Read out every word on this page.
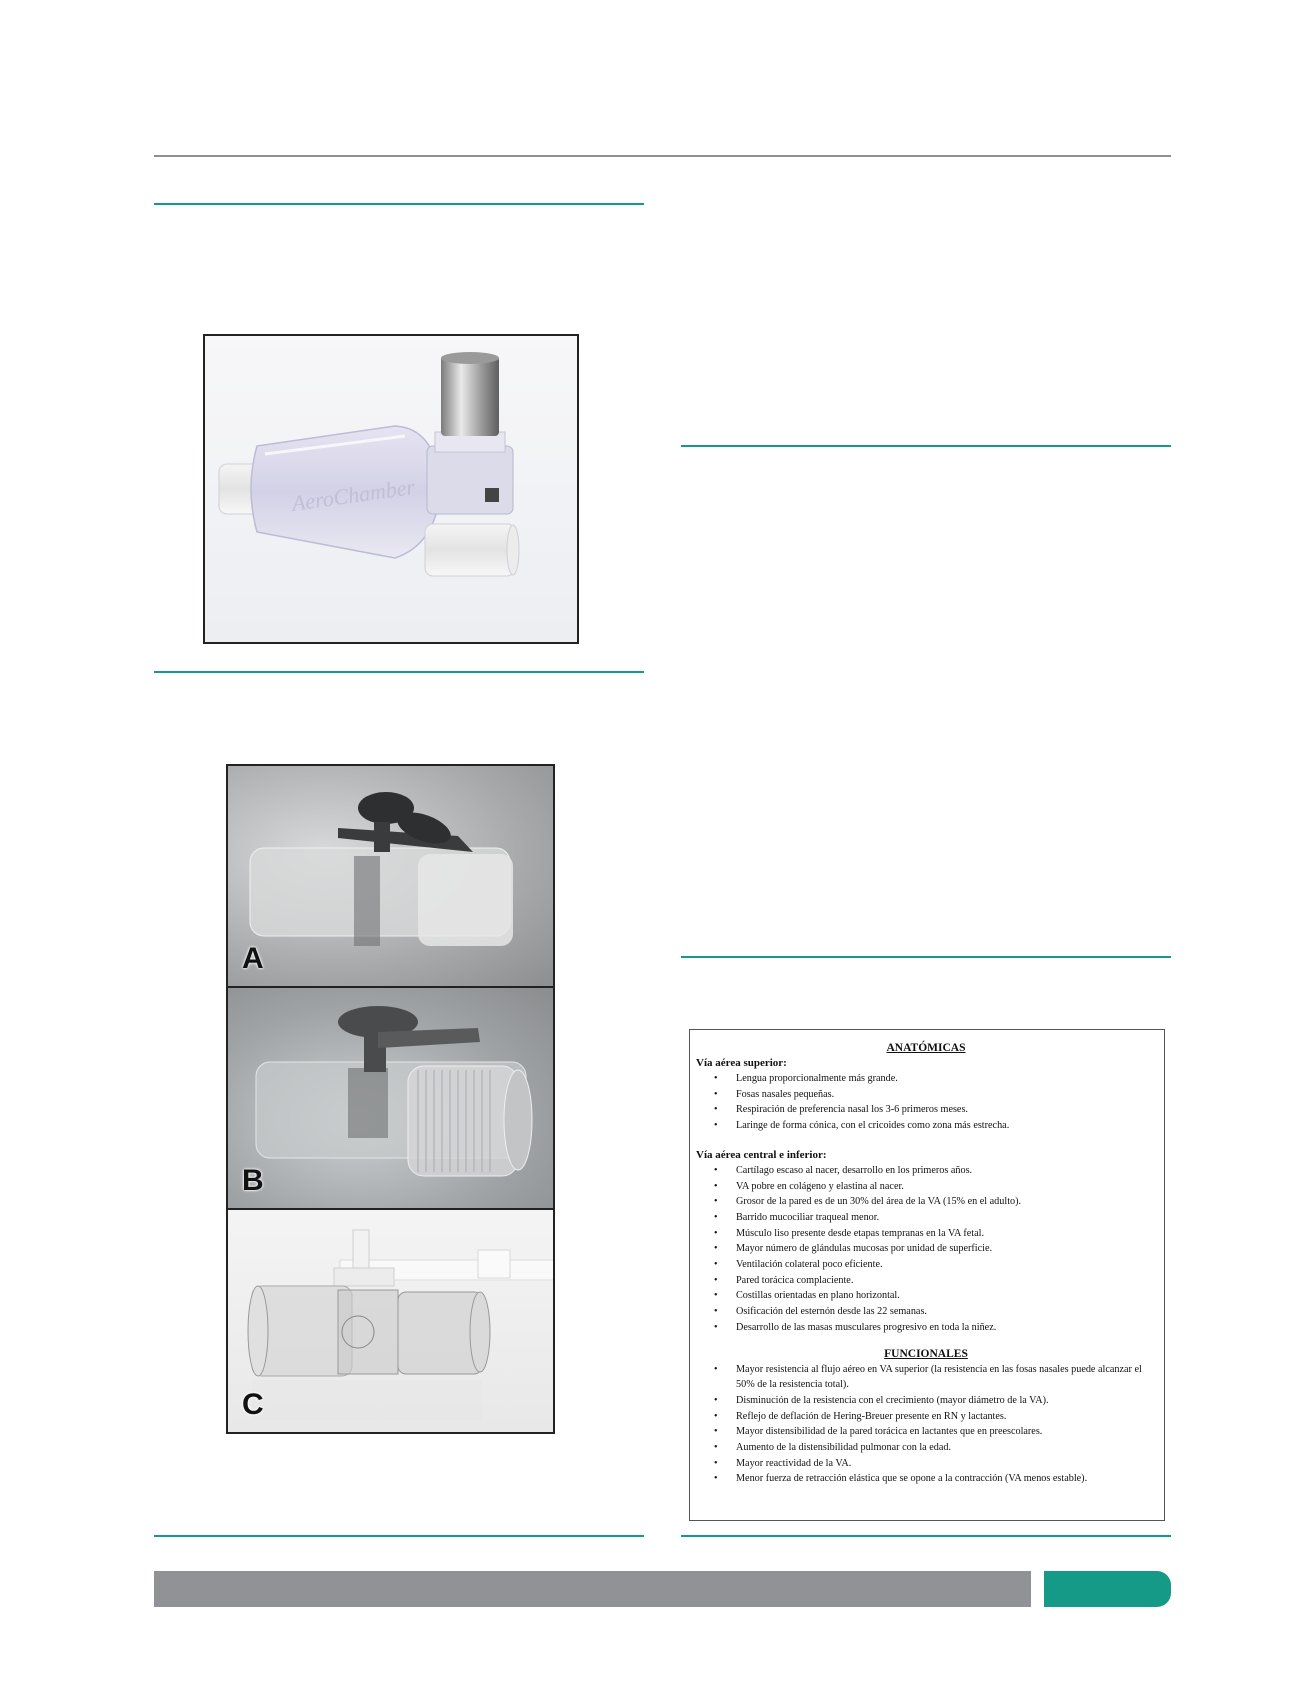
AeroChamber
A
B
C
ANATÓMICAS
Vía aérea superior:
• Lengua proporcionalmente más grande.
• Fosas nasales pequeñas.
• Respiración de preferencia nasal los 3-6 primeros meses.
• Laringe de forma cónica, con el cricoides como zona más estrecha.
Vía aérea central e inferior:
• Cartílago escaso al nacer, desarrollo en los primeros años.
• VA pobre en colágeno y elastina al nacer.
• Grosor de la pared es de un 30% del área de la VA (15% en el adulto).
• Barrido mucociliar traqueal menor.
• Músculo liso presente desde etapas tempranas en la VA fetal.
• Mayor número de glándulas mucosas por unidad de superficie.
• Ventilación colateral poco eficiente.
• Pared torácica complaciente.
• Costillas orientadas en plano horizontal.
• Osificación del esternón desde las 22 semanas.
• Desarrollo de las masas musculares progresivo en toda la niñez.
FUNCIONALES
• Mayor resistencia al flujo aéreo en VA superior (la resistencia en las fosas nasales puede alcanzar el 50% de la resistencia total).
• Disminución de la resistencia con el crecimiento (mayor diámetro de la VA).
• Reflejo de deflación de Hering-Breuer presente en RN y lactantes.
• Mayor distensibilidad de la pared torácica en lactantes que en preescolares.
• Aumento de la distensibilidad pulmonar con la edad.
• Mayor reactividad de la VA.
• Menor fuerza de retracción elástica que se opone a la contracción (VA menos estable).
